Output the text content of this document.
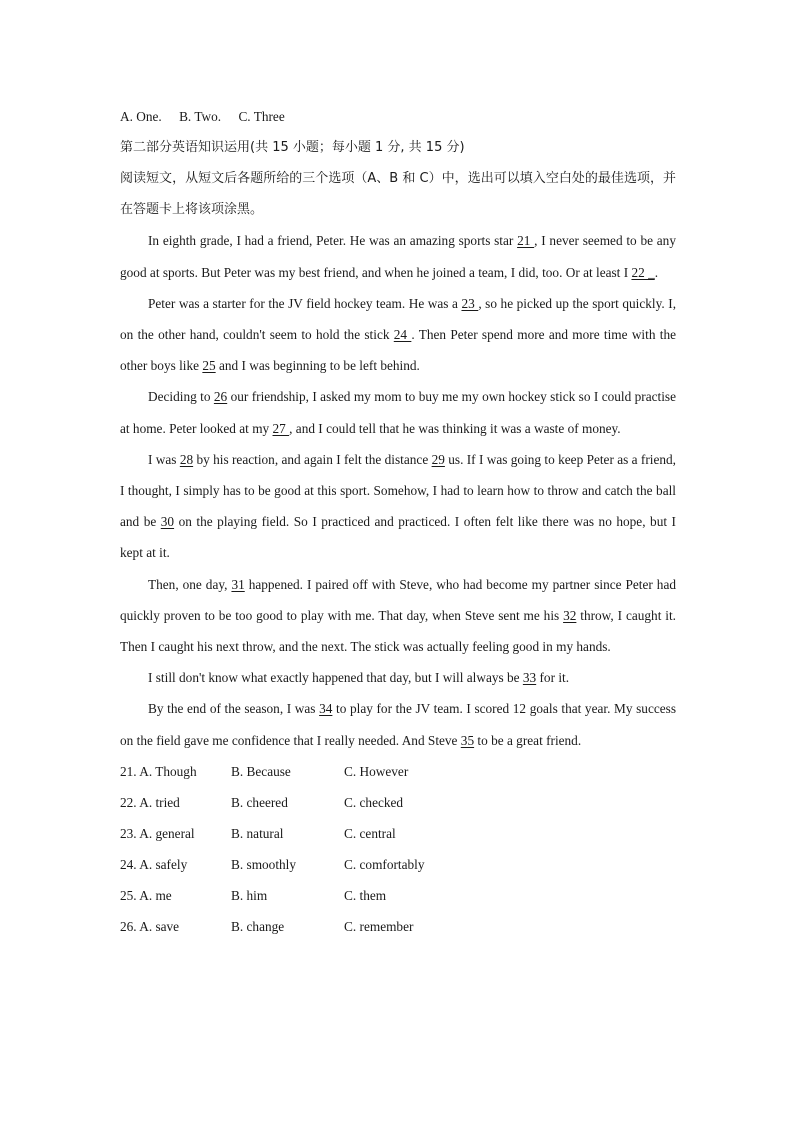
A. One. B. Two. C. Three
第二部分英语知识运用(共 15 小题；每小题 1 分, 共 15 分)
阅读短文，从短文后各题所给的三个选项（A、B 和 C）中，选出可以填入空白处的最佳选项，并在答题卡上将该项涂黑。
In eighth grade, I had a friend, Peter. He was an amazing sports star 21 , I never seemed to be any good at sports. But Peter was my best friend, and when he joined a team, I did, too. Or at least I 22 _.
Peter was a starter for the JV field hockey team. He was a 23 , so he picked up the sport quickly. I, on the other hand, couldn't seem to hold the stick 24 . Then Peter spend more and more time with the other boys like 25 and I was beginning to be left behind.
Deciding to 26 our friendship, I asked my mom to buy me my own hockey stick so I could practise at home. Peter looked at my 27 , and I could tell that he was thinking it was a waste of money.
I was 28 by his reaction, and again I felt the distance 29 us. If I was going to keep Peter as a friend, I thought, I simply has to be good at this sport. Somehow, I had to learn how to throw and catch the ball and be 30 on the playing field. So I practiced and practiced. I often felt like there was no hope, but I kept at it.
Then, one day, 31 happened. I paired off with Steve, who had become my partner since Peter had quickly proven to be too good to play with me. That day, when Steve sent me his 32 throw, I caught it. Then I caught his next throw, and the next. The stick was actually feeling good in my hands.
I still don't know what exactly happened that day, but I will always be 33 for it.
By the end of the season, I was 34 to play for the JV team. I scored 12 goals that year. My success on the field gave me confidence that I really needed. And Steve 35 to be a great friend.
21. A. Though	B. Because	C. However
22. A. tried	B. cheered	C. checked
23. A. general	B. natural	C. central
24. A. safely	B. smoothly	C. comfortably
25. A. me	B. him	C. them
26. A. save	B. change	C. remember
